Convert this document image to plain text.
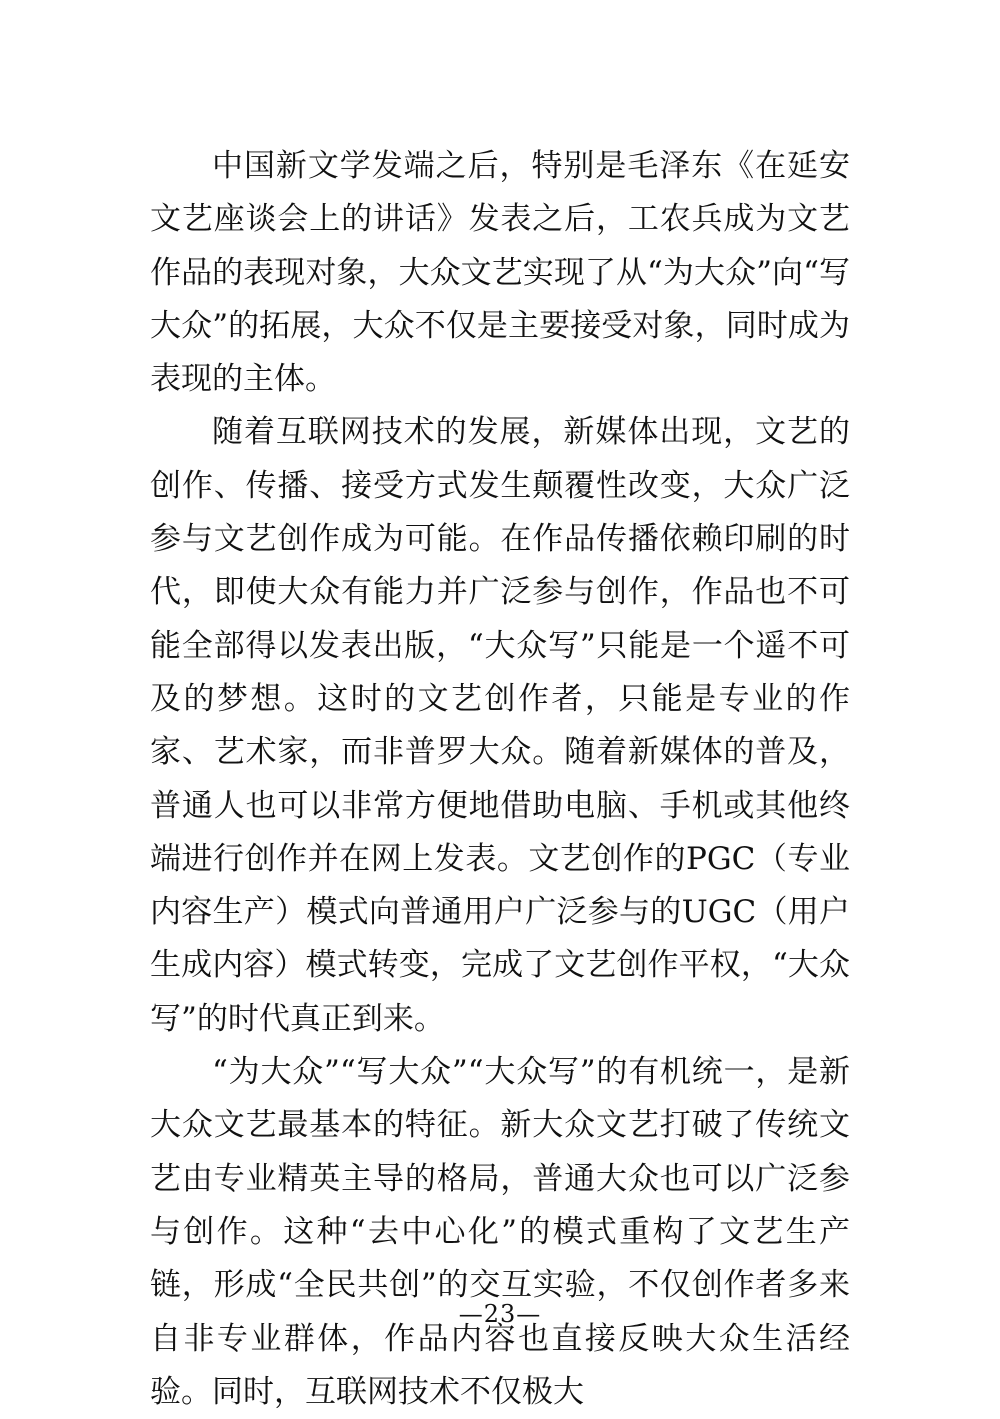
中国新文学发端之后，特别是毛泽东《在延安文艺座谈会上的讲话》发表之后，工农兵成为文艺作品的表现对象，大众文艺实现了从“为大众”向“写大众”的拓展，大众不仅是主要接受对象，同时成为表现的主体。

随着互联网技术的发展，新媒体出现，文艺的创作、传播、接受方式发生颠覆性改变，大众广泛参与文艺创作成为可能。在作品传播依赖印刷的时代，即使大众有能力并广泛参与创作，作品也不可能全部得以发表出版，“大众写”只能是一个遥不可及的梦想。这时的文艺创作者，只能是专业的作家、艺术家，而非普罗大众。随着新媒体的普及，普通人也可以非常方便地借助电脑、手机或其他终端进行创作并在网上发表。文艺创作的PGC（专业内容生产）模式向普通用户广泛参与的UGC（用户生成内容）模式转变，完成了文艺创作平权，“大众写”的时代真正到来。

“为大众”“写大众”“大众写”的有机统一，是新大众文艺最基本的特征。新大众文艺打破了传统文艺由专业精英主导的格局，普通大众也可以广泛参与创作。这种“去中心化”的模式重构了文艺生产链，形成“全民共创”的交互实验，不仅创作者多来自非专业群体，作品内容也直接反映大众生活经验。同时，互联网技术不仅极大

—23—
